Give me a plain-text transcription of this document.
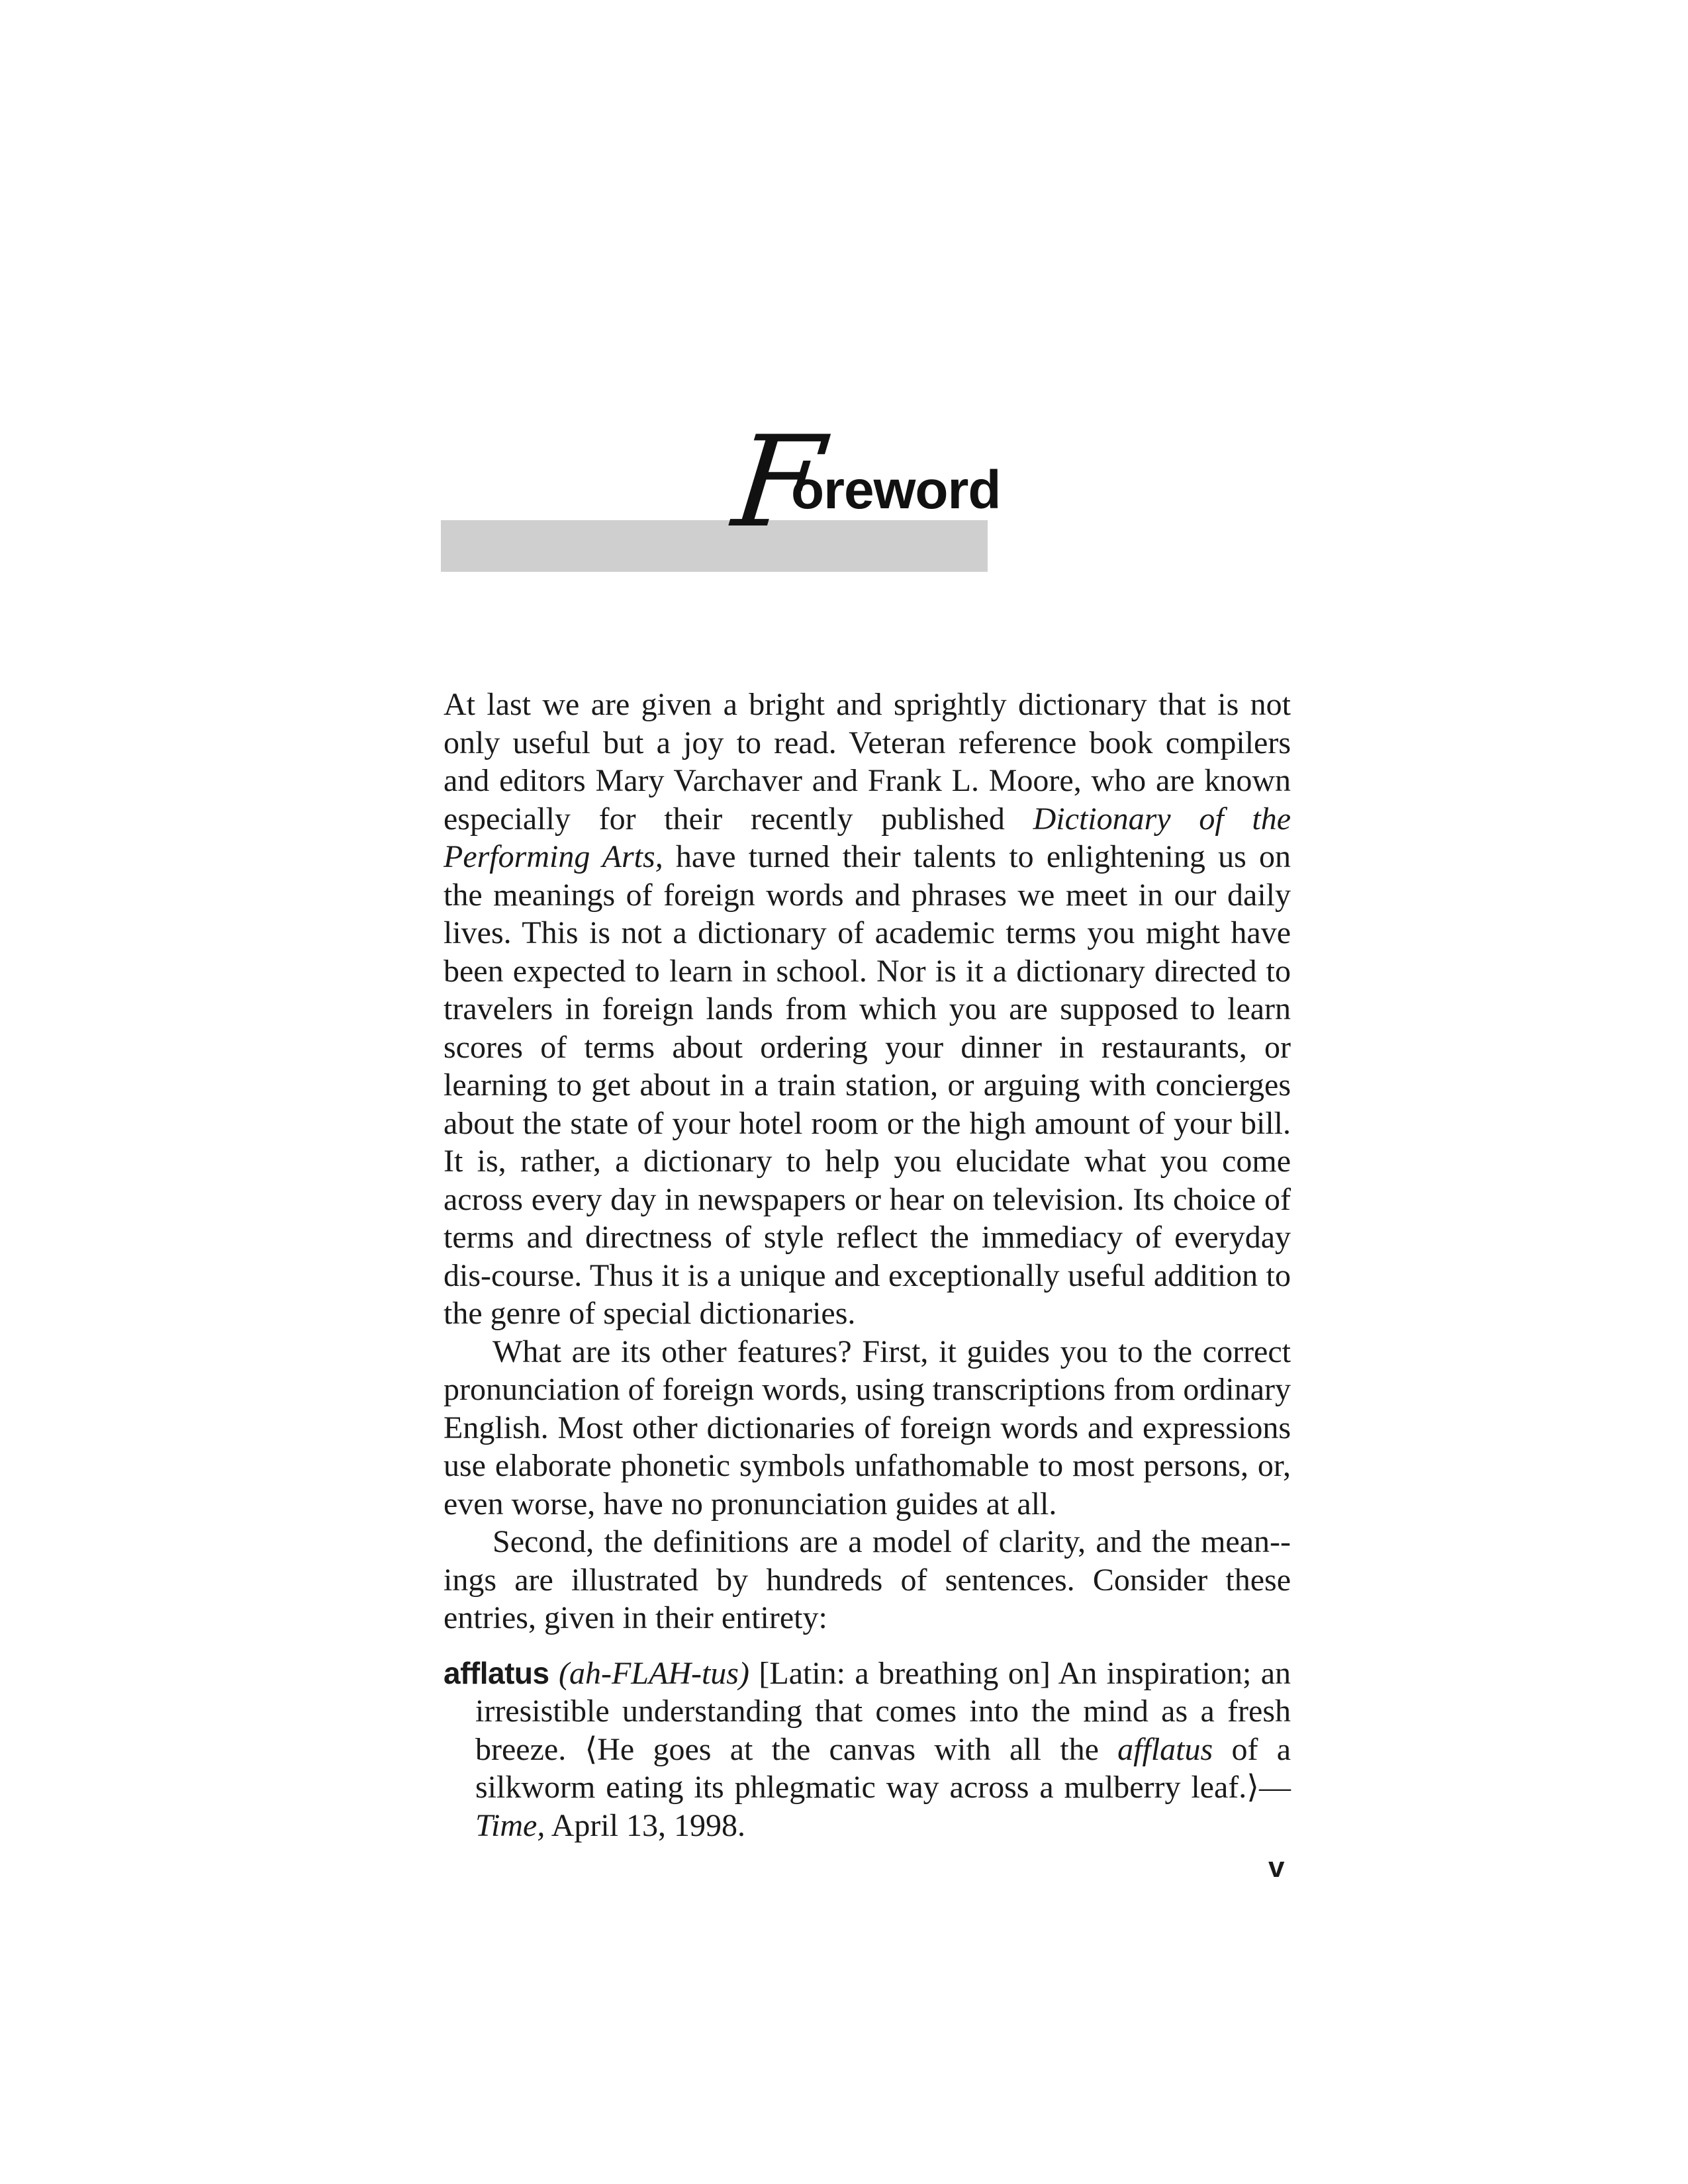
F
oreword

At last we are given a bright and sprightly dictionary that is not only useful but a joy to read. Veteran reference book compilers and editors Mary Varchaver and Frank L. Moore, who are known especially for their recently published Dictionary of the Performing Arts, have turned their talents to enlightening us on the meanings of foreign words and phrases we meet in our daily lives. This is not a dictionary of academic terms you might have been expected to learn in school. Nor is it a dictionary directed to travelers in foreign lands from which you are supposed to learn scores of terms about ordering your dinner in restaurants, or learning to get about in a train station, or arguing with concierges about the state of your hotel room or the high amount of your bill. It is, rather, a dictionary to help you elucidate what you come across every day in newspapers or hear on television. Its choice of terms and directness of style reflect the immediacy of everyday dis-course. Thus it is a unique and exceptionally useful addition to the genre of special dictionaries.

What are its other features? First, it guides you to the correct pronunciation of foreign words, using transcriptions from ordinary English. Most other dictionaries of foreign words and expressions use elaborate phonetic symbols unfathomable to most persons, or, even worse, have no pronunciation guides at all.

Second, the definitions are a model of clarity, and the mean-ings are illustrated by hundreds of sentences. Consider these entries, given in their entirety:

afflatus (ah-FLAH-tus) [Latin: a breathing on] An inspiration; an irresistible understanding that comes into the mind as a fresh breeze. ⟨He goes at the canvas with all the afflatus of a silkworm eating its phlegmatic way across a mulberry leaf.⟩—Time, April 13, 1998.

v
